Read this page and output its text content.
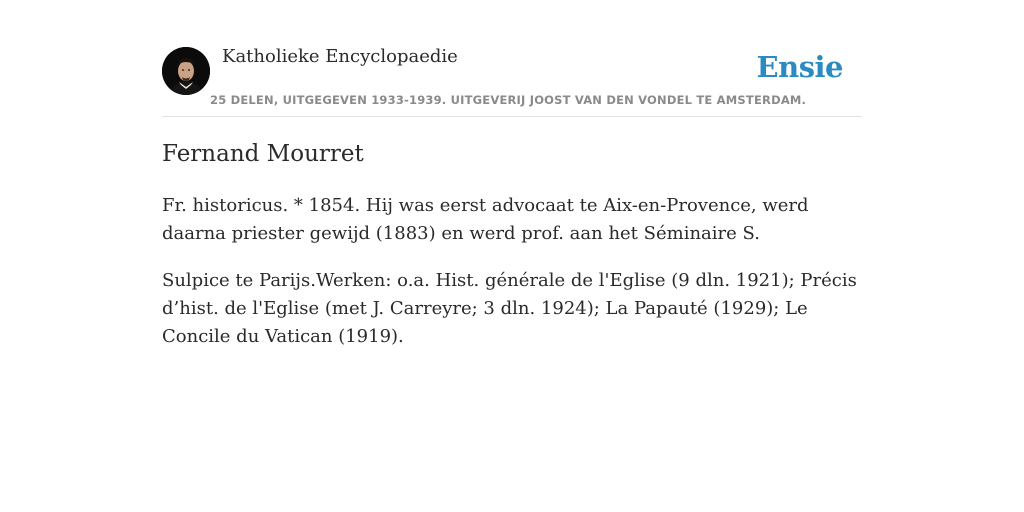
Katholieke Encyclopaedie
25 DELEN, UITGEGEVEN 1933-1939. UITGEVERIJ JOOST VAN DEN VONDEL TE AMSTERDAM.
Ensie
Fernand Mourret

Fr. historicus. * 1854. Hij was eerst advocaat te Aix-en-Provence, werd daarna priester gewijd (1883) en werd prof. aan het Séminaire S.

Sulpice te Parijs.Werken: o.a. Hist. générale de l'Eglise (9 dln. 1921); Précis d’hist. de l'Eglise (met J. Carreyre; 3 dln. 1924); La Papauté (1929); Le Concile du Vatican (1919).
